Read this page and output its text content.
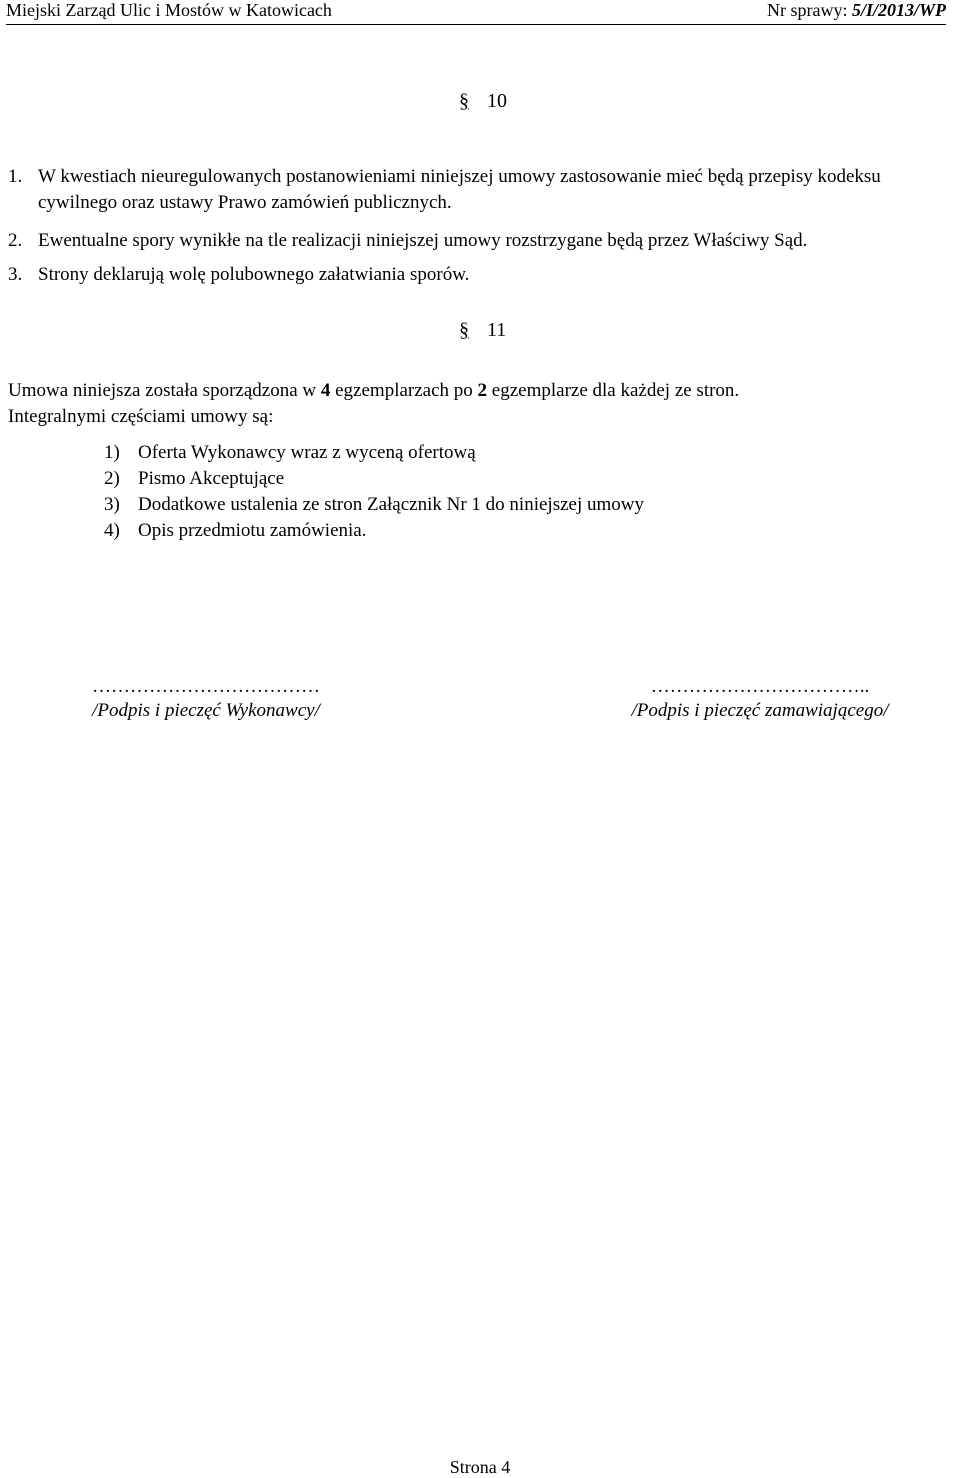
Miejski Zarząd Ulic i Mostów w Katowicach	Nr sprawy: 5/I/2013/WP
§ 10
1. W kwestiach nieuregulowanych postanowieniami niniejszej umowy zastosowanie mieć będą przepisy kodeksu cywilnego oraz ustawy Prawo zamówień publicznych.
2. Ewentualne spory wynikłe na tle realizacji niniejszej umowy rozstrzygane będą przez Właściwy Sąd.
3. Strony deklarują wolę polubownego załatwiania sporów.
§ 11
Umowa niniejsza została sporządzona w 4 egzemplarzach po 2 egzemplarze dla każdej ze stron.
Integralnymi częściami umowy są:
1) Oferta Wykonawcy wraz z wyceną ofertową
2) Pismo Akceptujące
3) Dodatkowe ustalenia ze stron Załącznik Nr 1 do niniejszej umowy
4) Opis przedmiotu zamówienia.
………………………………
/Podpis i pieczęć Wykonawcy/
……………………………..
/Podpis i pieczęć zamawiającego/
Strona 4
